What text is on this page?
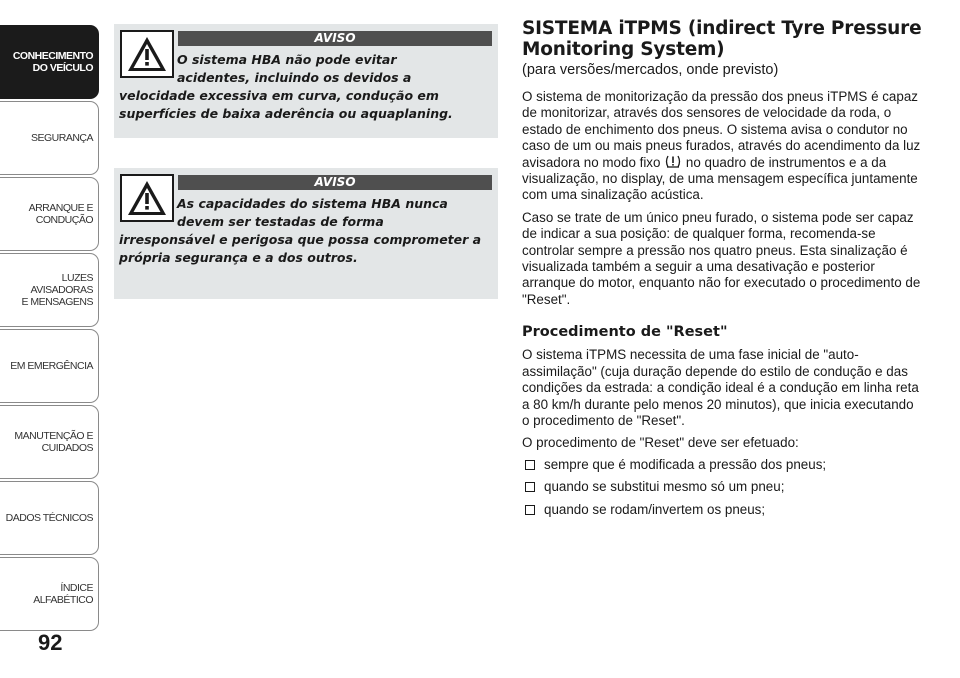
CONHECIMENTO
DO VEÍCULO
SEGURANÇA
ARRANQUE E
CONDUÇÃO
LUZES AVISADORAS
E MENSAGENS
EM EMERGÊNCIA
MANUTENÇÃO E
CUIDADOS
DADOS TÉCNICOS
ÍNDICE ALFABÉTICO
92
AVISO
O sistema HBA não pode evitar
acidentes, incluindo os devidos a
velocidade excessiva em curva, condução em superfícies de baixa aderência ou aquaplaning.
AVISO
As capacidades do sistema HBA nunca
devem ser testadas de forma
irresponsável e perigosa que possa comprometer a própria segurança e a dos outros.
SISTEMA iTPMS (indirect Tyre Pressure Monitoring System)
(para versões/mercados, onde previsto)

O sistema de monitorização da pressão dos pneus iTPMS é capaz de monitorizar, através dos sensores de velocidade da roda, o estado de enchimento dos pneus. O sistema avisa o condutor no caso de um ou mais pneus furados, através do acendimento da luz avisadora no modo fixo no quadro de instrumentos e a da visualização, no display, de uma mensagem específica juntamente com uma sinalização acústica.

Caso se trate de um único pneu furado, o sistema pode ser capaz de indicar a sua posição: de qualquer forma, recomenda-se controlar sempre a pressão nos quatro pneus. Esta sinalização é visualizada também a seguir a uma desativação e posterior arranque do motor, enquanto não for executado o procedimento de "Reset".

Procedimento de "Reset"

O sistema iTPMS necessita de uma fase inicial de "auto-assimilação" (cuja duração depende do estilo de condução e das condições da estrada: a condição ideal é a condução em linha reta a 80 km/h durante pelo menos 20 minutos), que inicia executando o procedimento de "Reset".

O procedimento de "Reset" deve ser efetuado:

sempre que é modificada a pressão dos pneus;
quando se substitui mesmo só um pneu;
quando se rodam/invertem os pneus;
